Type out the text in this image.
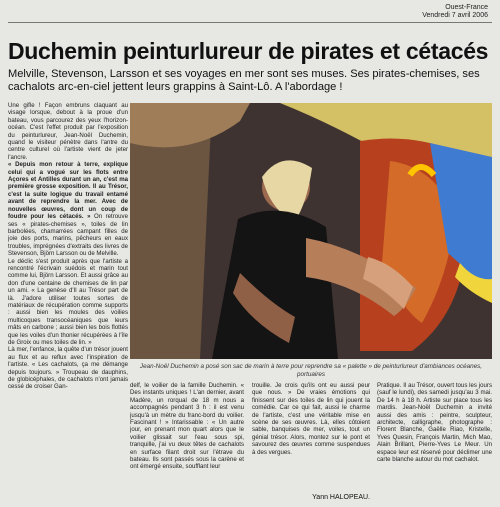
Ouest-France
Vendredi 7 avril 2006
Duchemin peinturlureur de pirates et cétacés
Melville, Stevenson, Larsson et ses voyages en mer sont ses muses. Ses pirates-chemises, ses cachalots arc-en-ciel jettent leurs grappins à Saint-Lô. A l'abordage !
Une gifle ! Façon embruns claquant au visage lorsque, debout à la proue d'un bateau, vous parcourez des yeux l'horizon-océan. C'est l'effet produit par l'exposition du peinturlureur, Jean-Noël Duchemin, quand le visiteur pénètre dans l'antre du centre culturel où l'artiste vient de jeter l'ancre.
« Depuis mon retour à terre, explique celui qui a vogué sur les flots entre Açores et Antilles durant un an, c'est ma première grosse exposition. Il au Trésor, c'est la suite logique du travail entamé avant de reprendre la mer. Avec de nouvelles œuvres, dont un coup de foudre pour les cétacés. » On retrouve ses « pirates-chemises », toiles de lin barbolées, chamarrées campant filles de joie des ports, marins, pêcheurs en eaux troubles, imprégnées d'extraits des livres de Stevenson, Björn Larsson ou de Melville.
Le déclic s'est produit après que l'artiste a rencontré l'écrivain suédois et marin tout comme lui, Björn Larsson. Et aussi grâce au don d'une centaine de chemises de lin par un ami. « La genèse d'Il au Trésor part de là. J'adore utiliser toutes sortes de matériaux de récupération comme supports : aussi bien les moules des voilies multicoques transocéaniques que leurs mâts en carbone ; aussi bien les bois flottés que les voiles d'un thonier récupérées à l'île de Groix ou mes toiles de lin. »
Là mer, l'enfance, la quête d'un trésor jouent au flux et au reflux avec l'inspiration de l'artiste. « Les cachalots, ça me démange depuis toujours. » Troupeau de dauphins, de globicéphales, de cachalots n'ont jamais cessé de croiser Gan-
Jean-Noël Duchemin a posé son sac de marin à terre pour reprendre sa « palette » de peinturlureur d'ambiances océanes, portuaires
delf, le voilier de la famille Duchemin. « Des instants uniques ! L'an dernier, avant Madère, un rorqual de 18 m nous a accompagnés pendant 3 h : il est venu jusqu'à un mètre du franc-bord du voilier. Fascinant ! » Intarissable : « Un autre jour, en prenant mon quart alors que le voilier glissait sur l'eau sous spi, tranquille, j'ai vu deux têtes de cachalots en surface filant droit sur l'étrave du bateau. Ils sont passés sous la carène et ont émergé ensuite, soufflant leur
trouille. Je crois qu'ils ont eu aussi peur que nous. » De vraies émotions qui finissent sur des toiles de lin qui jouent la comédie. Car ce qui fait, aussi le charme de l'artiste, c'est une véritable mise en scène de ses œuvres. Là, elles côtoient sable, banquises de mer, voiles, tout un génial trésor. Alors, montez sur le pont et savourez des œuvres comme suspendues à des vergues.
Pratique. Il au Trésor, ouvert tous les jours (sauf le lundi), des samedi jusqu'au 3 mai. De 14 h à 18 h. Artiste sur place tous les mardis. Jean-Noël Duchemin a invité aussi des amis : peintre, sculpteur, architecte, calligraphe, photographe : Florent Blanche, Gaëlle Riao, Kristelle, Yves Quesin, François Martin, Mich Mao, Alain Brillant, Pierre-Yves Le Meur. Un espace leur est réservé pour déclimer une carte blanche autour du mot cachalot.
Yann HALOPEAU.
